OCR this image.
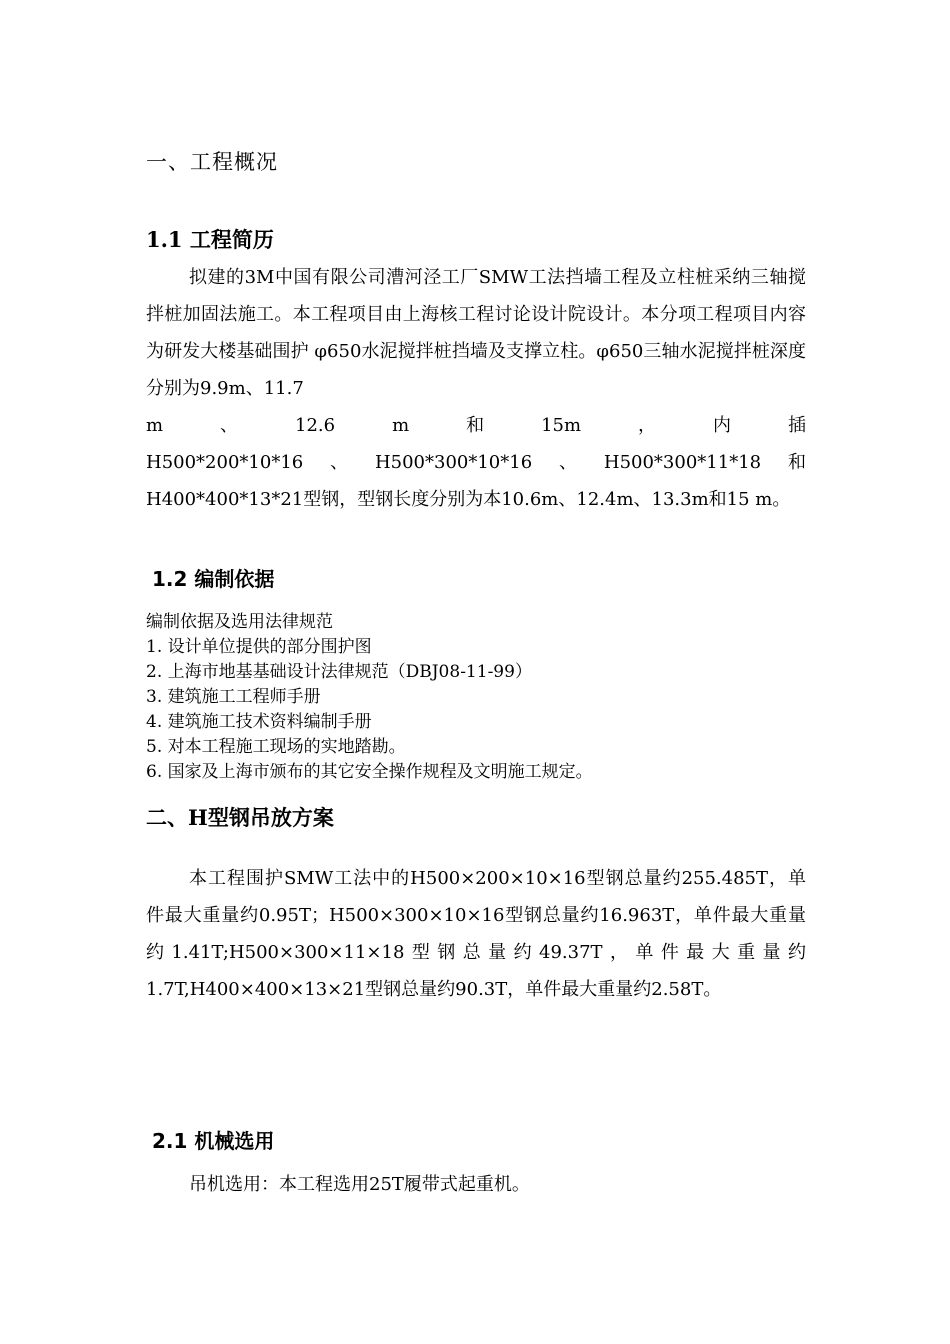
一、工程概况
1.1 工程简历

拟建的3M中国有限公司漕河泾工厂SMW工法挡墙工程及立柱桩采纳三轴搅拌桩加固法施工。本工程项目由上海核工程讨论设计院设计。本分项工程项目内容为研发大楼基础围护 φ650水泥搅拌桩挡墙及支撑立柱。φ650三轴水泥搅拌桩深度分别为9.9m、11.7

m	、	12.6	m	和	15m	，	内	插
H500*200*10*16 、 H500*300*10*16 、 H500*300*11*18 和

H400*400*13*21型钢，型钢长度分别为本10.6m、12.4m、13.3m和15 m。

1.2 编制依据
编制依据及选用法律规范
1. 设计单位提供的部分围护图
2. 上海市地基基础设计法律规范（DBJ08-11-99）
3. 建筑施工工程师手册
4. 建筑施工技术资料编制手册
5. 对本工程施工现场的实地踏勘。
6. 国家及上海市颁布的其它安全操作规程及文明施工规定。
二、H型钢吊放方案

本工程围护SMW工法中的H500×200×10×16型钢总量约255.485T，单件最大重量约0.95T；H500×300×10×16型钢总量约16.963T，单件最大重量约1.41T;H500×300×11×18型钢总量约49.37T，单件最大重量约1.7T,H400×400×13×21型钢总量约90.3T，单件最大重量约2.58T。

2.1 机械选用

吊机选用：本工程选用25T履带式起重机。
